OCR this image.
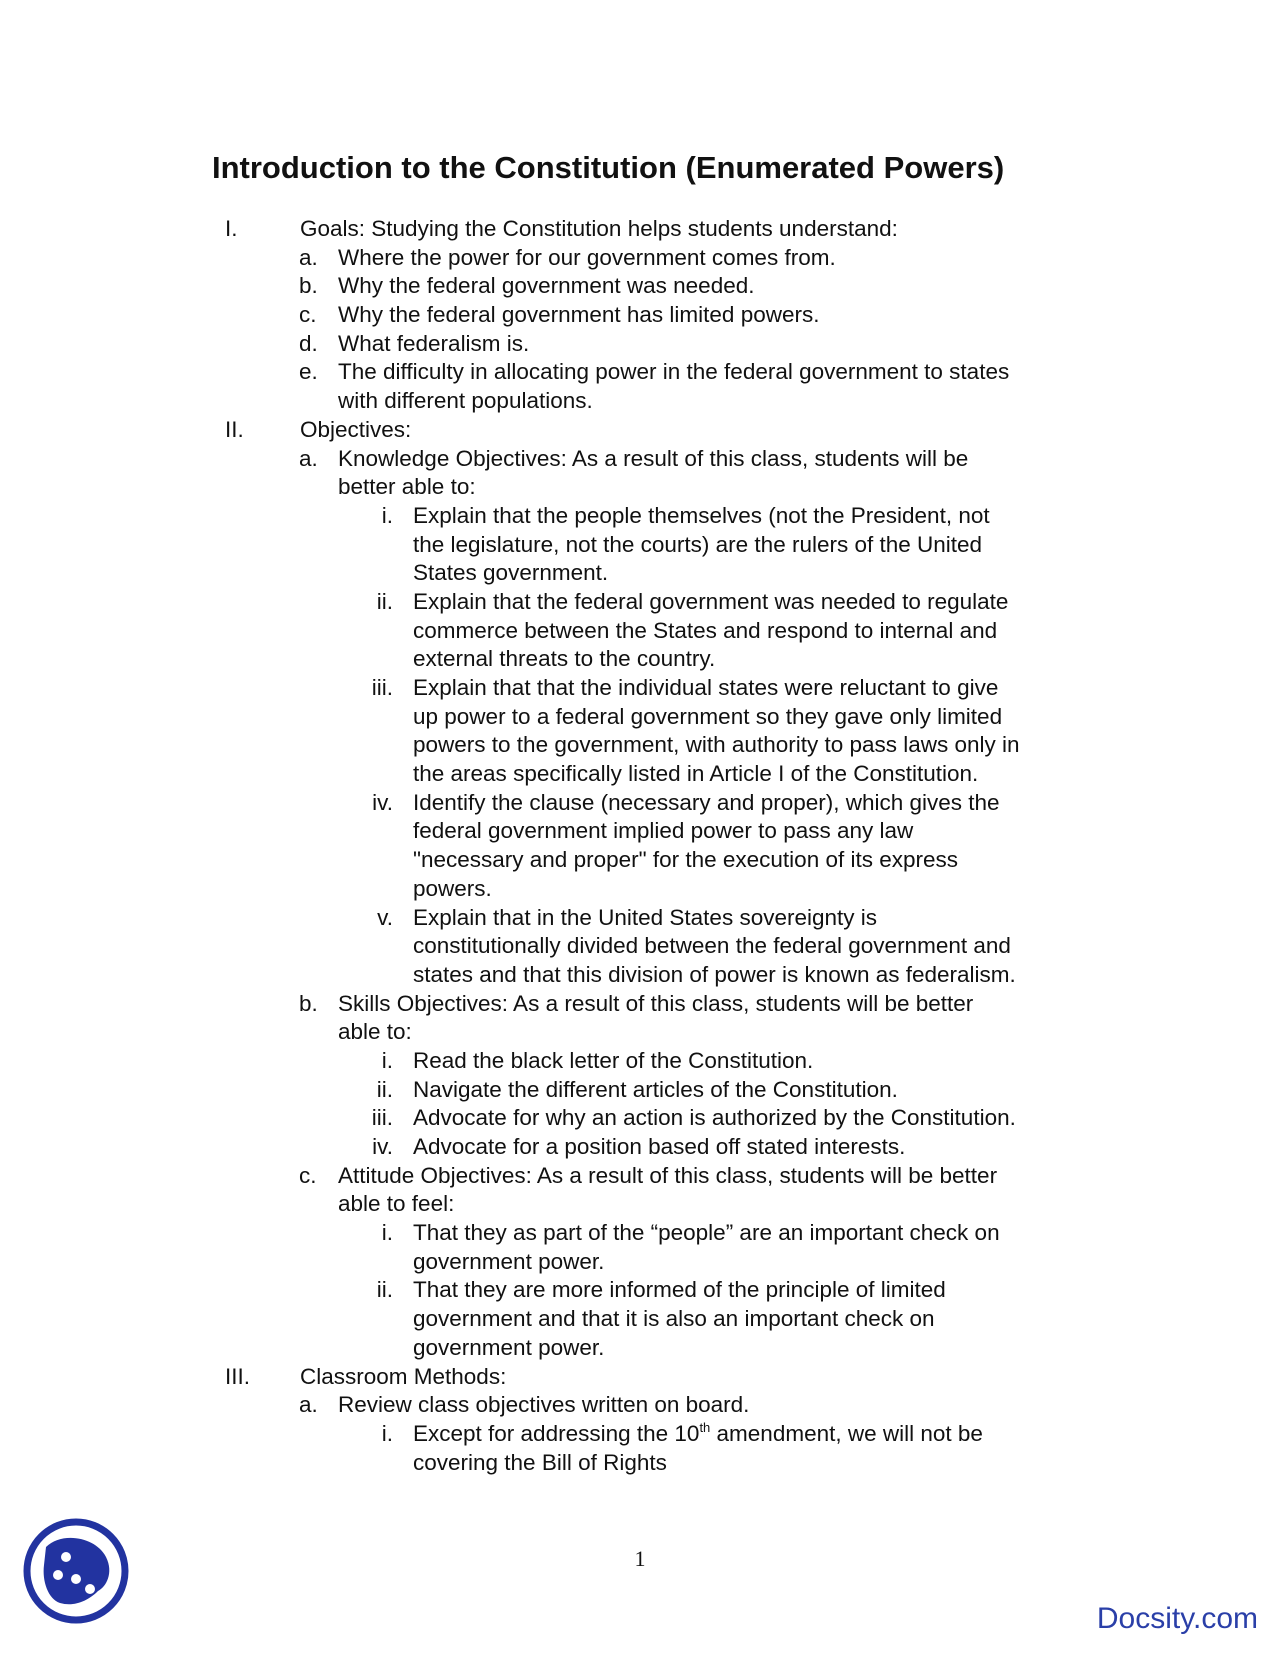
Introduction to the Constitution (Enumerated Powers)
I.	Goals: Studying the Constitution helps students understand:
a. Where the power for our government comes from.
b. Why the federal government was needed.
c. Why the federal government has limited powers.
d. What federalism is.
e. The difficulty in allocating power in the federal government to states
with different populations.
II. Objectives:
a. Knowledge Objectives: As a result of this class, students will be
better able to:
i. Explain that the people themselves (not the President, not
the legislature, not the courts) are the rulers of the United
States government.
ii. Explain that the federal government was needed to regulate
commerce between the States and respond to internal and
external threats to the country.
iii. Explain that that the individual states were reluctant to give
up power to a federal government so they gave only limited
powers to the government, with authority to pass laws only in
the areas specifically listed in Article I of the Constitution.
iv. Identify the clause (necessary and proper), which gives the
federal government implied power to pass any law
"necessary and proper" for the execution of its express
powers.
v. Explain that in the United States sovereignty is
constitutionally divided between the federal government and
states and that this division of power is known as federalism.
b. Skills Objectives: As a result of this class, students will be better
able to:
i. Read the black letter of the Constitution.
ii. Navigate the different articles of the Constitution.
iii. Advocate for why an action is authorized by the Constitution.
iv. Advocate for a position based off stated interests.
c. Attitude Objectives: As a result of this class, students will be better
able to feel:
i. That they as part of the “people” are an important check on
government power.
ii. That they are more informed of the principle of limited
government and that it is also an important check on
government power.
III. Classroom Methods:
a. Review class objectives written on board.
i. Except for addressing the 10th amendment, we will not be
covering the Bill of Rights
1
Docsity.com
